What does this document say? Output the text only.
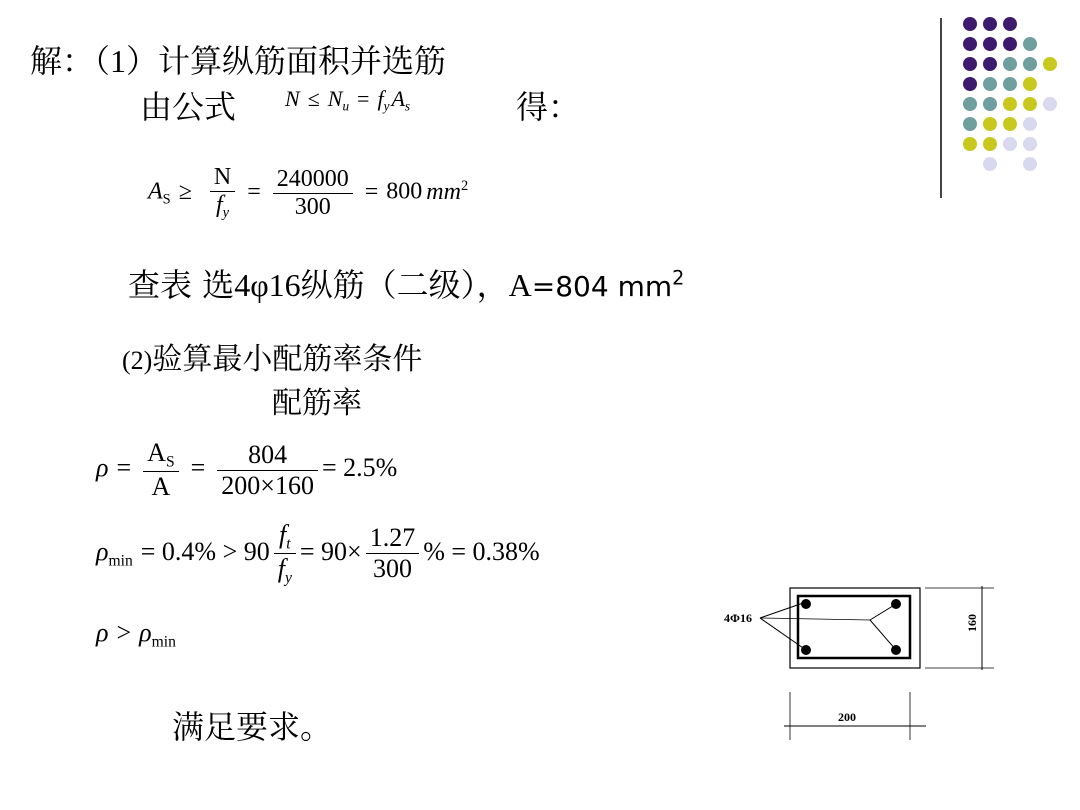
解：（1）计算纵筋面积并选筋
由公式 $N \le N_u = f_yA_s$	得：
$A_S \ge \frac{N}{f_y} = \frac{240000}{300} = 800$ $mm^2$
查表 选4φ16纵筋（二级），A=804 $mm^2$
(2)验算最小配筋率条件
配筋率
$\rho = \frac{A_S}{A} = \frac{804}{200\times 160} = 2.5\%$
$\rho_{min} = 0.4\% > 90 \frac{f_t}{f_y} = 90\times \frac{1.27}{300}$ % = 0.38%
$\rho > \rho_{min}$
满足要求。
4Φ16	160
200
